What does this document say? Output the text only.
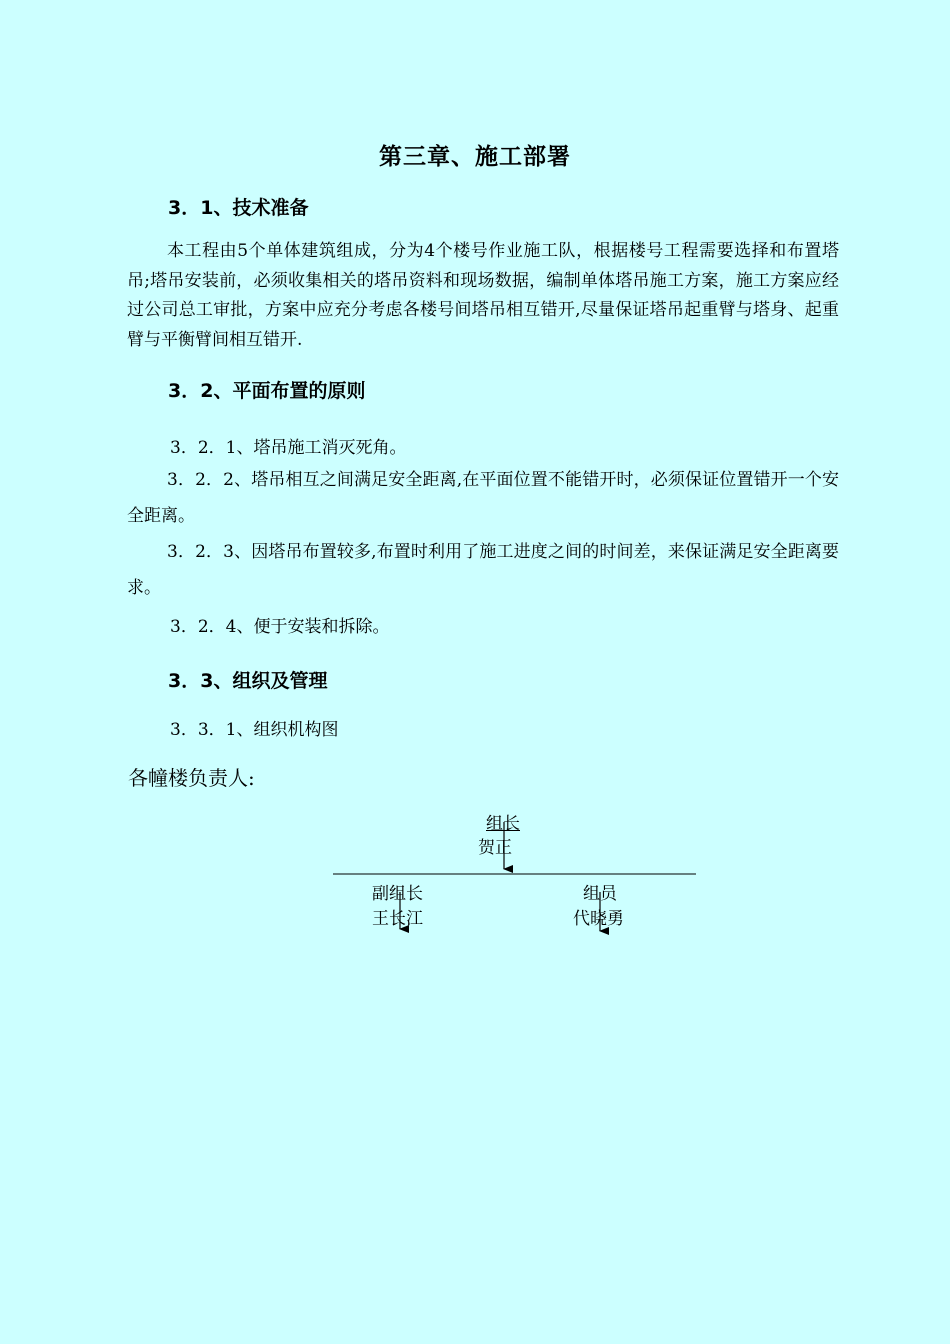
第三章、施工部署
3．1、技术准备

本工程由5个单体建筑组成，分为4个楼号作业施工队，根据楼号工程需要选择和布置塔吊;塔吊安装前，必须收集相关的塔吊资料和现场数据，编制单体塔吊施工方案，施工方案应经过公司总工审批，方案中应充分考虑各楼号间塔吊相互错开,尽量保证塔吊起重臂与塔身、起重臂与平衡臂间相互错开.

3．2、平面布置的原则
3．2．1、塔吊施工消灭死角。

3．2．2、塔吊相互之间满足安全距离,在平面位置不能错开时，必须保证位置错开一个安全距离。

3．2．3、因塔吊布置较多,布置时利用了施工进度之间的时间差，来保证满足安全距离要求。

3．2．4、便于安装和拆除。
3．3、组织及管理
3．3．1、组织机构图
各幢楼负责人:
组长
贺正
副组长
王长江
组员
代晓勇
